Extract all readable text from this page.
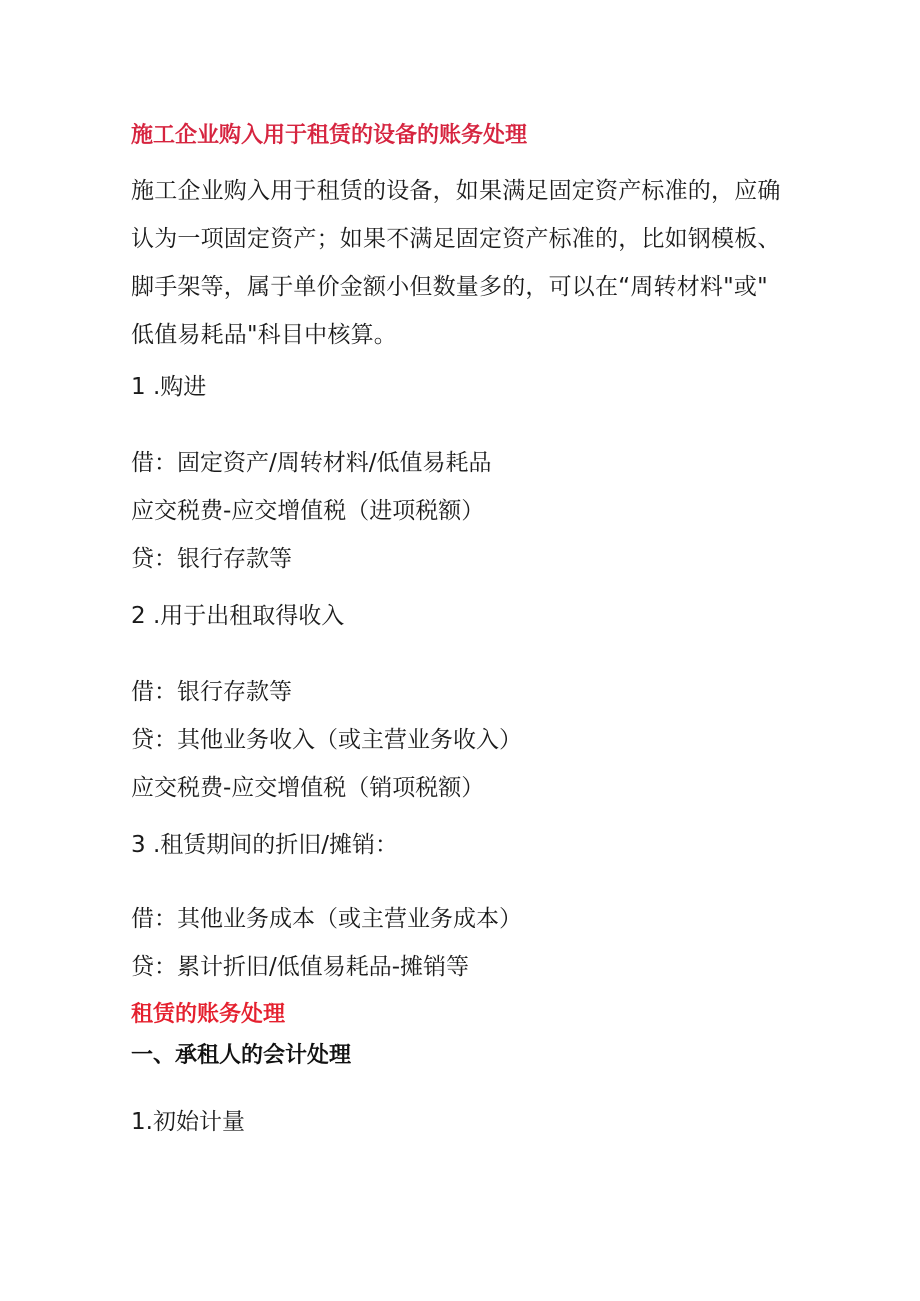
施工企业购入用于租赁的设备的账务处理
施工企业购入用于租赁的设备，如果满足固定资产标准的，应确
认为一项固定资产；如果不满足固定资产标准的，比如钢模板、
脚手架等，属于单价金额小但数量多的，可以在“周转材料"或"
低值易耗品"科目中核算。
1 .购进
借：固定资产/周转材料/低值易耗品
应交税费-应交增值税（进项税额）
贷：银行存款等
2 .用于出租取得收入
借：银行存款等
贷：其他业务收入（或主营业务收入）
应交税费-应交增值税（销项税额）
3 .租赁期间的折旧/摊销：
借：其他业务成本（或主营业务成本）
贷：累计折旧/低值易耗品-摊销等
租赁的账务处理
一、承租人的会计处理
1.初始计量
